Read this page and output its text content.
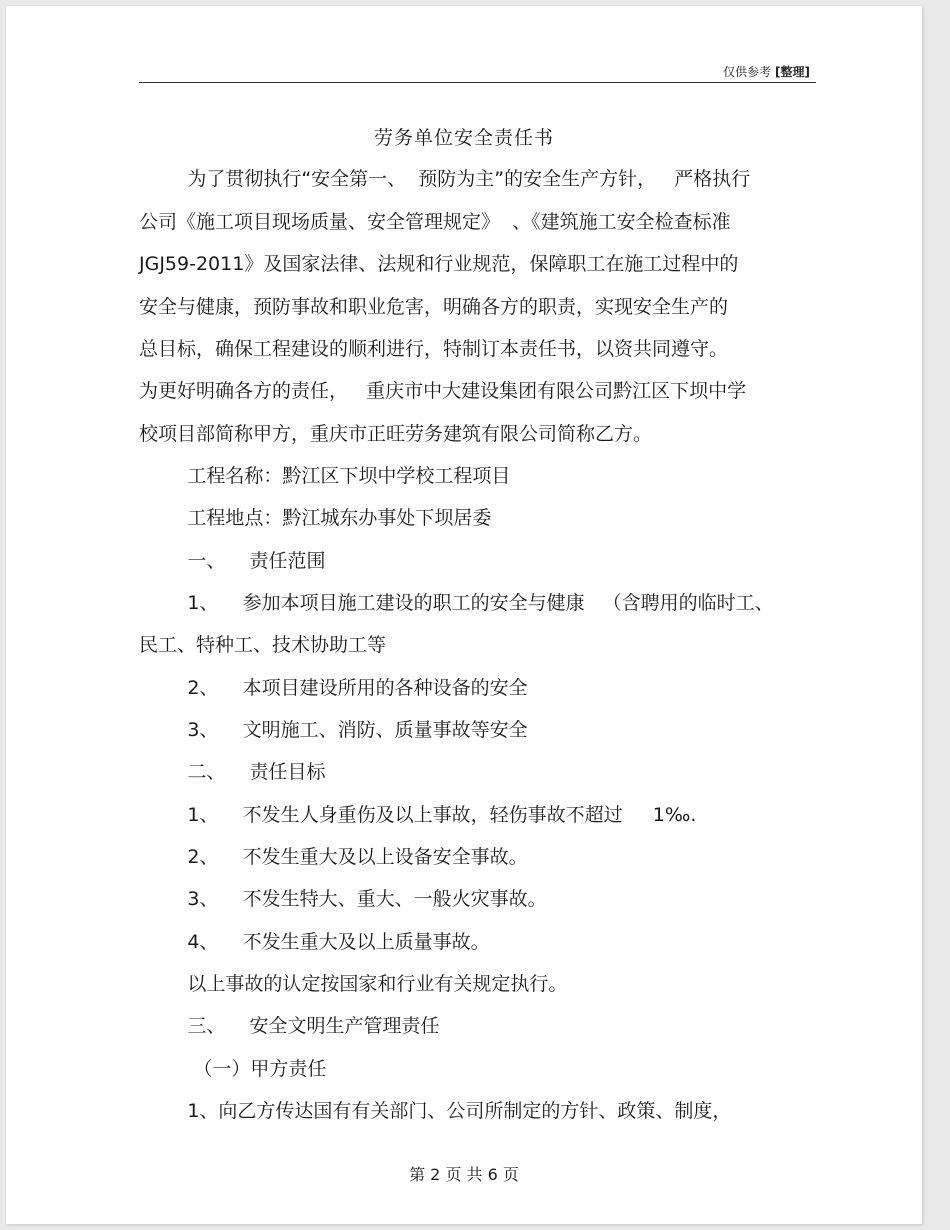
仅供参考 [整理]
劳务单位安全责任书
为了贯彻执行“安全第一、  预防为主”的安全生产方针，   严格执行
公司《施工项目现场质量、安全管理规定》  、《建筑施工安全检查标准
JGJ59-2011》及国家法律、法规和行业规范，保障职工在施工过程中的
安全与健康，预防事故和职业危害，明确各方的职责，实现安全生产的
总目标，确保工程建设的顺利进行，特制订本责任书，以资共同遵守。
为更好明确各方的责任，   重庆市中大建设集团有限公司黔江区下坝中学
校项目部简称甲方，重庆市正旺劳务建筑有限公司简称乙方。
工程名称：黔江区下坝中学校工程项目
工程地点：黔江城东办事处下坝居委
一、    责任范围
1、    参加本项目施工建设的职工的安全与健康   （含聘用的临时工、
民工、特种工、技术协助工等
2、    本项目建设所用的各种设备的安全
3、    文明施工、消防、质量事故等安全
二、    责任目标
1、    不发生人身重伤及以上事故，轻伤事故不超过     1‰.
2、    不发生重大及以上设备安全事故。
3、    不发生特大、重大、一般火灾事故。
4、    不发生重大及以上质量事故。
以上事故的认定按国家和行业有关规定执行。
三、    安全文明生产管理责任
（一）甲方责任
1、向乙方传达国有有关部门、公司所制定的方针、政策、制度，
第 2 页 共 6 页
